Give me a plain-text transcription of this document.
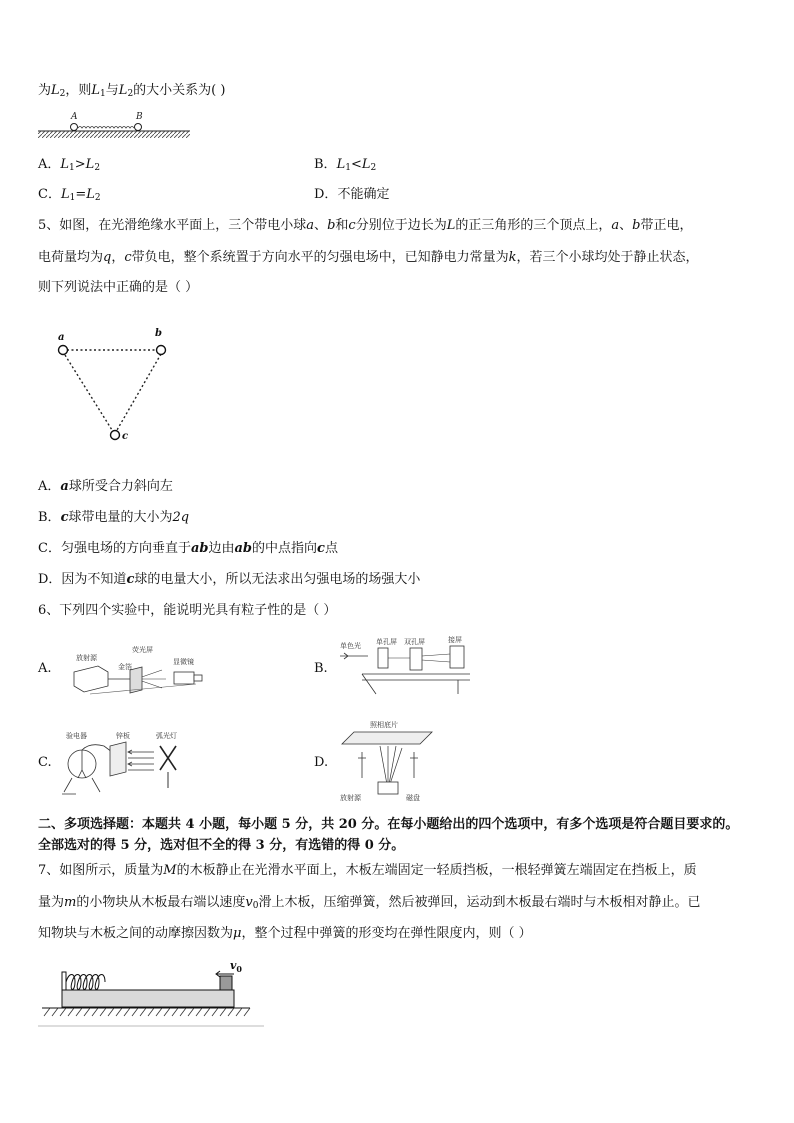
为$L_2$，则$L_1$与$L_2$的大小关系为( )
A	B
A．$L_1>L_2$	B．$L_1<L_2$
C．$L_1=L_2$	D．不能确定
5、如图，在光滑绝缘水平面上，三个带电小球a、b和c分别位于边长为L的正三角形的三个顶点上，a、b带正电，
电荷量均为q，c带负电，整个系统置于方向水平的匀强电场中，已知静电力常量为k，若三个小球均处于静止状态，
则下列说法中正确的是（ ）
a	b
c
A．a球所受合力斜向左
B．c球带电量的大小为2q
C．匀强电场的方向垂直于ab边由ab的中点指向c点
D．因为不知道c球的电量大小，所以无法求出匀强电场的场强大小
6、下列四个实验中，能说明光具有粒子性的是（ ）
A.
放射源
荧光屏
显微镜
金箔	B.
单色光 单孔屏 双孔屏	接屏
C.
验电器	锌板	弧光灯
D.
照相底片
放射源	磁盘
二、多项选择题：本题共 4 小题，每小题 5 分，共 20 分。在每小题给出的四个选项中，有多个选项是符合题目要求的。
全部选对的得 5 分，选对但不全的得 3 分，有选错的得 0 分。
7、如图所示，质量为M的木板静止在光滑水平面上，木板左端固定一轻质挡板，一根轻弹簧左端固定在挡板上，质
量为m的小物块从木板最右端以速度$v_0$滑上木板，压缩弹簧，然后被弹回，运动到木板最右端时与木板相对静止。已
知物块与木板之间的动摩擦因数为μ，整个过程中弹簧的形变均在弹性限度内，则（ ）
$v_0$
